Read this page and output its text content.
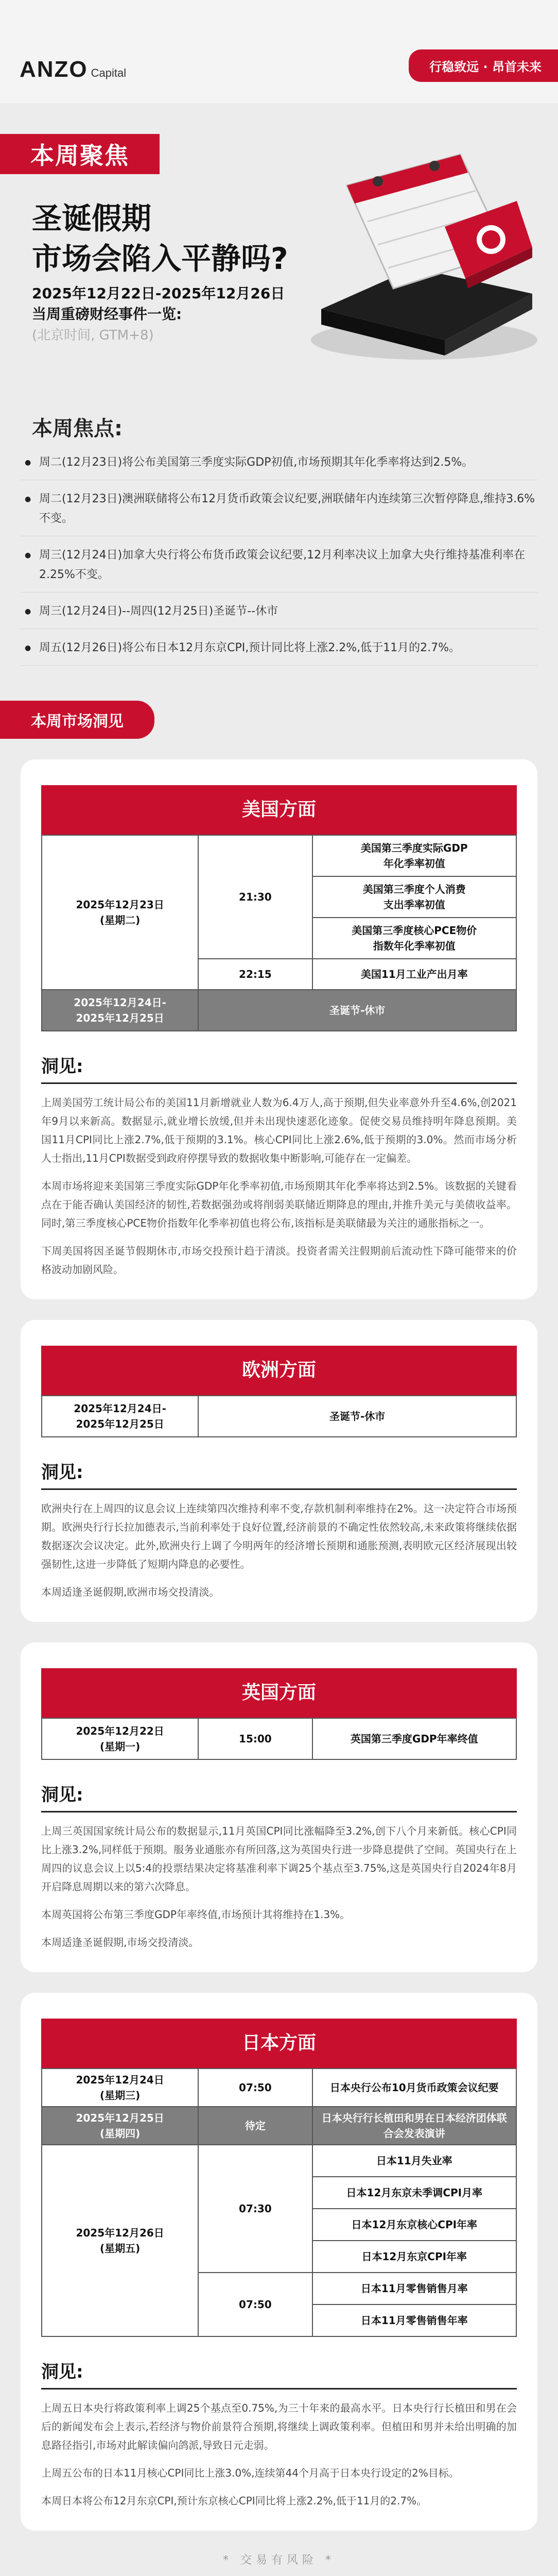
ANZO Capital	行稳致远 · 昂首未来
本周聚焦
圣诞假期
市场会陷入平静吗?
2025年12月22日-2025年12月26日
当周重磅财经事件一览:
(北京时间, GTM+8)
本周焦点:
● 周二(12月23日)将公布美国第三季度实际GDP初值,市场预期其年化季率将达到2.5%。
● 周二(12月23日)澳洲联储将公布12月货币政策会议纪要,洲联储年内连续第三次暂停降息,维持3.6%不变。
● 周三(12月24日)加拿大央行将公布货币政策会议纪要,12月利率决议上加拿大央行维持基准利率在2.25%不变。
● 周三(12月24日)--周四(12月25日)圣诞节--休市
● 周五(12月26日)将公布日本12月东京CPI,预计同比将上涨2.2%,低于11月的2.7%。
本周市场洞见
美国方面
2025年12月23日
(星期二)	21:30	美国第三季度实际GDP
年化季率初值
		美国第三季度个人消费
支出季率初值
		美国第三季度核心PCE物价
指数年化季率初值
	22:15	美国11月工业产出月率
2025年12月24日-
2025年12月25日	圣诞节-休市	
洞见:

上周美国劳工统计局公布的美国11月新增就业人数为6.4万人,高于预期,但失业率意外升至4.6%,创2021年9月以来新高。数据显示,就业增长放缓,但并未出现快速恶化迹象。促使交易员维持明年降息预期。美国11月CPI同比上涨2.7%,低于预期的3.1%。核心CPI同比上涨2.6%,低于预期的3.0%。然而市场分析人士指出,11月CPI数据受到政府停摆导致的数据收集中断影响,可能存在一定偏差。

本周市场将迎来美国第三季度实际GDP年化季率初值,市场预期其年化季率将达到2.5%。该数据的关键看点在于能否确认美国经济的韧性,若数据强劲或将削弱美联储近期降息的理由,并推升美元与美债收益率。同时,第三季度核心PCE物价指数年化季率初值也将公布,该指标是美联储最为关注的通胀指标之一。

下周美国将因圣诞节假期休市,市场交投预计趋于清淡。投资者需关注假期前后流动性下降可能带来的价格波动加剧风险。

欧洲方面
2025年12月24日-
2025年12月25日	圣诞节-休市
洞见:

欧洲央行在上周四的议息会议上连续第四次维持利率不变,存款机制利率维持在2%。这一决定符合市场预期。欧洲央行行长拉加德表示,当前利率处于良好位置,经济前景的不确定性依然较高,未来政策将继续依据数据逐次会议决定。此外,欧洲央行上调了今明两年的经济增长预期和通胀预测,表明欧元区经济展现出较强韧性,这进一步降低了短期内降息的必要性。

本周适逢圣诞假期,欧洲市场交投清淡。

英国方面
2025年12月22日
(星期一)	15:00	英国第三季度GDP年率终值
洞见:

上周三英国国家统计局公布的数据显示,11月英国CPI同比涨幅降至3.2%,创下八个月来新低。核心CPI同比上涨3.2%,同样低于预期。服务业通胀亦有所回落,这为英国央行进一步降息提供了空间。英国央行在上周四的议息会议上以5:4的投票结果决定将基准利率下调25个基点至3.75%,这是英国央行自2024年8月开启降息周期以来的第六次降息。

本周英国将公布第三季度GDP年率终值,市场预计其将维持在1.3%。

本周适逢圣诞假期,市场交投清淡。

日本方面
2025年12月24日
(星期三)	07:50	日本央行公布10月货币政策会议纪要
2025年12月25日
(星期四)	待定	日本央行行长植田和男在日本经济团体联合会发表演讲
2025年12月26日
(星期五)	07:30	日本11月失业率
		日本12月东京未季调CPI月率
		日本12月东京核心CPI年率
		日本12月东京CPI年率
	07:50	日本11月零售销售月率
		日本11月零售销售年率
洞见:

上周五日本央行将政策利率上调25个基点至0.75%,为三十年来的最高水平。日本央行行长植田和男在会后的新闻发布会上表示,若经济与物价前景符合预期,将继续上调政策利率。但植田和男并未给出明确的加息路径指引,市场对此解读偏向鸽派,导致日元走弱。

上周五公布的日本11月核心CPI同比上涨3.0%,连续第44个月高于日本央行设定的2%目标。

本周日本将公布12月东京CPI,预计东京核心CPI同比将上涨2.2%,低于11月的2.7%。

* 交易有风险 *
